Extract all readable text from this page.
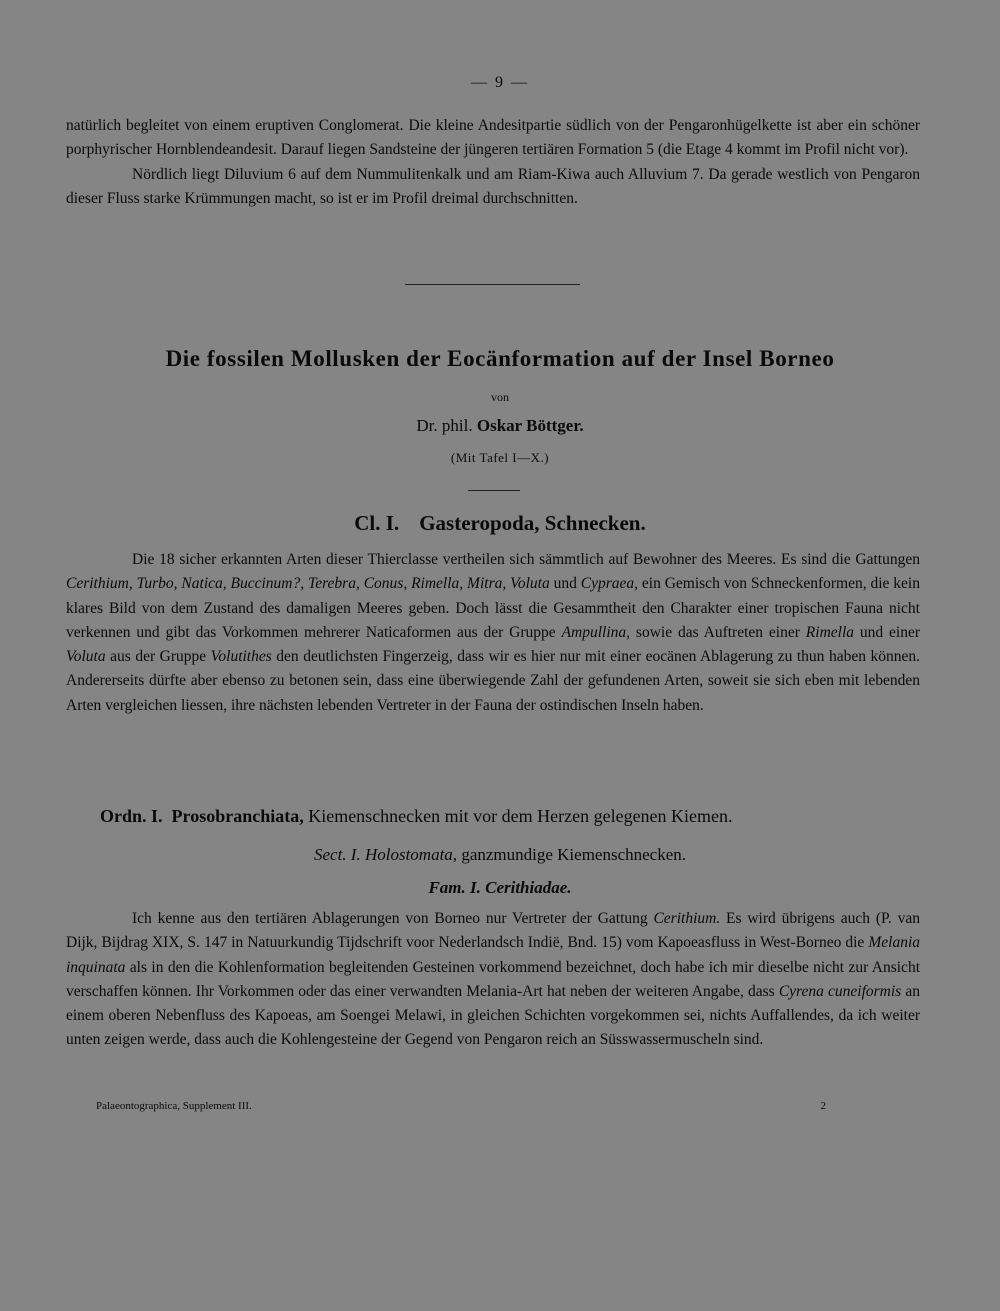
— 9 —

natürlich begleitet von einem eruptiven Conglomerat. Die kleine Andesitpartie südlich von der Pengaronhügelkette ist aber ein schöner porphyrischer Hornblendeandesit. Darauf liegen Sandsteine der jüngeren tertiären Formation 5 (die Etage 4 kommt im Profil nicht vor).

Nördlich liegt Diluvium 6 auf dem Nummulitenkalk und am Riam-Kiwa auch Alluvium 7. Da gerade westlich von Pengaron dieser Fluss starke Krümmungen macht, so ist er im Profil dreimal durchschnitten.

Die fossilen Mollusken der Eocänformation auf der Insel Borneo
von
Dr. phil. Oskar Böttger.
(Mit Tafel I—X.)
Cl. I. Gasteropoda, Schnecken.
Die 18 sicher erkannten Arten dieser Thierclasse vertheilen sich sämmtlich auf Bewohner des Meeres. Es sind die Gattungen Cerithium, Turbo, Natica, Buccinum?, Terebra, Conus, Rimella, Mitra, Voluta und Cypraea, ein Gemisch von Schneckenformen, die kein klares Bild von dem Zustand des damaligen Meeres geben. Doch lässt die Gesammtheit den Charakter einer tropischen Fauna nicht verkennen und gibt das Vorkommen mehrerer Naticaformen aus der Gruppe Ampullina, sowie das Auftreten einer Rimella und einer Voluta aus der Gruppe Volutithes den deutlichsten Fingerzeig, dass wir es hier nur mit einer eocänen Ablagerung zu thun haben können. Andererseits dürfte aber ebenso zu betonen sein, dass eine überwiegende Zahl der gefundenen Arten, soweit sie sich eben mit lebenden Arten vergleichen liessen, ihre nächsten lebenden Vertreter in der Fauna der ostindischen Inseln haben.
Ordn. I. Prosobranchiata, Kiemenschnecken mit vor dem Herzen gelegenen Kiemen.
Sect. I. Holostomata, ganzmundige Kiemenschnecken.
Fam. I. Cerithiadae.
Ich kenne aus den tertiären Ablagerungen von Borneo nur Vertreter der Gattung Cerithium. Es wird übrigens auch (P. van Dijk, Bijdrag XIX, S. 147 in Natuurkundig Tijdschrift voor Nederlandsch Indië, Bnd. 15) vom Kapoeasfluss in West-Borneo die Melania inquinata als in den die Kohlenformation begleitenden Gesteinen vorkommend bezeichnet, doch habe ich mir dieselbe nicht zur Ansicht verschaffen können. Ihr Vorkommen oder das einer verwandten Melania-Art hat neben der weiteren Angabe, dass Cyrena cuneiformis an einem oberen Nebenfluss des Kapoeas, am Soengei Melawi, in gleichen Schichten vorgekommen sei, nichts Auffallendes, da ich weiter unten zeigen werde, dass auch die Kohlengesteine der Gegend von Pengaron reich an Süsswassermuscheln sind.
Palaeontographica, Supplement III.	2
